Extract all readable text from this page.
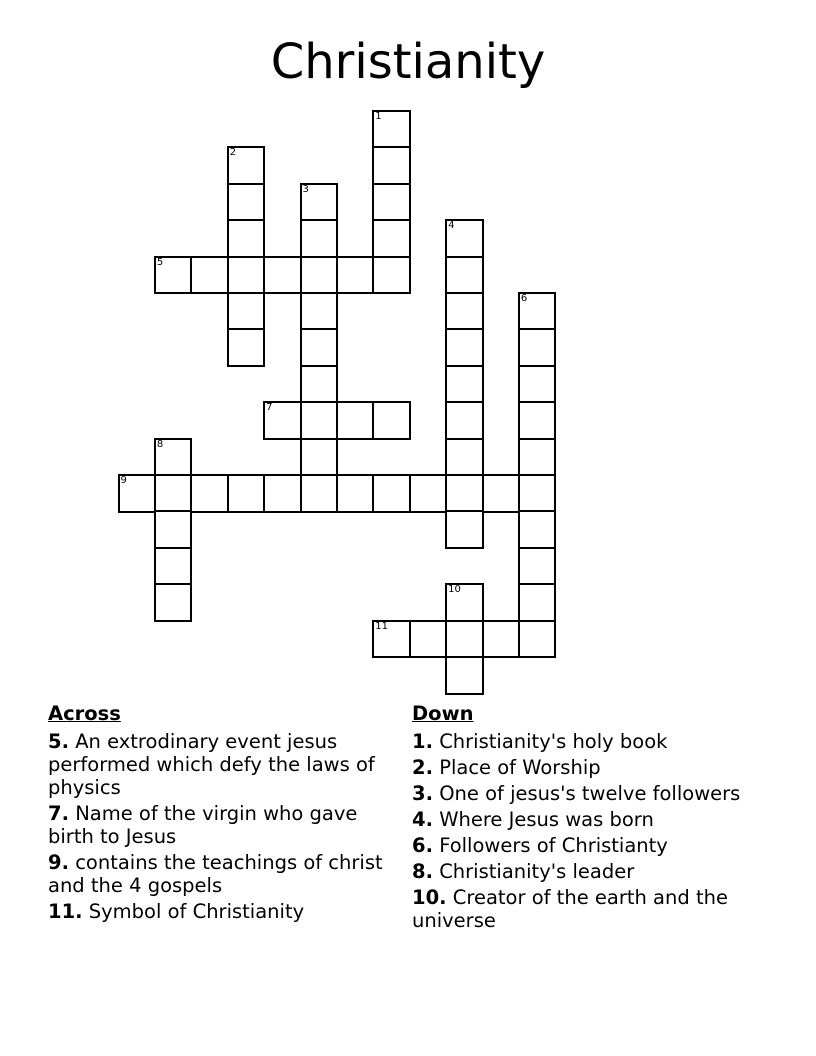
Christianity
1
2
3
4
5
6
7
8
9
10
11
Across
5. An extrodinary event jesus performed which defy the laws of physics
7. Name of the virgin who gave birth to Jesus
9. contains the teachings of christ and the 4 gospels
11. Symbol of Christianity
Down
1. Christianity's holy book
2. Place of Worship
3. One of jesus's twelve followers
4. Where Jesus was born
6. Followers of Christianty
8. Christianity's leader
10. Creator of the earth and the universe
